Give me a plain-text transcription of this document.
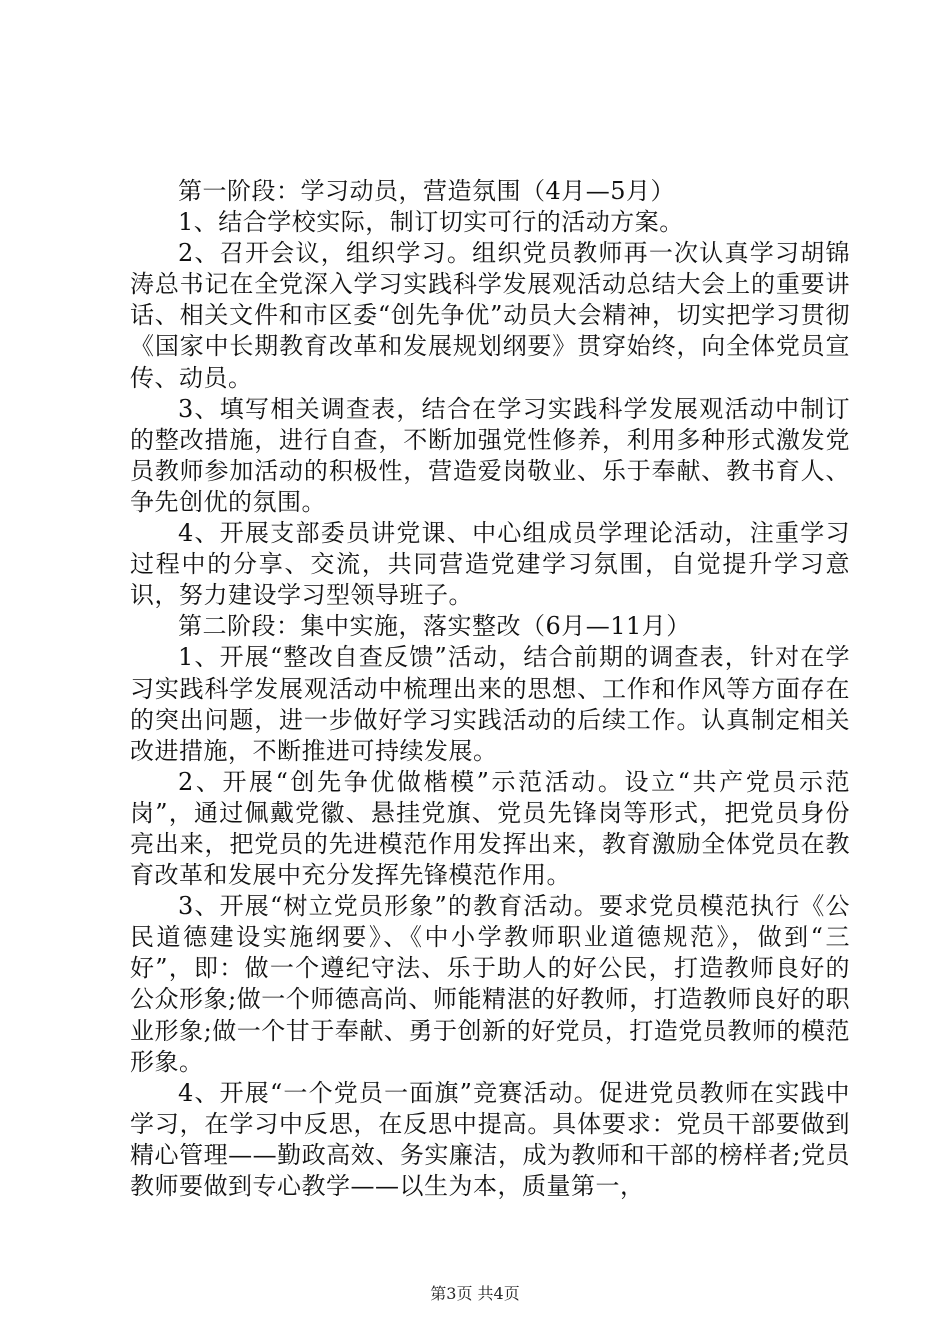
第一阶段：学习动员，营造氛围（4月—5月）

1、结合学校实际，制订切实可行的活动方案。

2、召开会议，组织学习。组织党员教师再一次认真学习胡锦涛总书记在全党深入学习实践科学发展观活动总结大会上的重要讲话、相关文件和市区委“创先争优”动员大会精神，切实把学习贯彻《国家中长期教育改革和发展规划纲要》贯穿始终，向全体党员宣传、动员。

3、填写相关调查表，结合在学习实践科学发展观活动中制订的整改措施，进行自查，不断加强党性修养，利用多种形式激发党员教师参加活动的积极性，营造爱岗敬业、乐于奉献、教书育人、争先创优的氛围。

4、开展支部委员讲党课、中心组成员学理论活动，注重学习过程中的分享、交流，共同营造党建学习氛围，自觉提升学习意识，努力建设学习型领导班子。

第二阶段：集中实施，落实整改（6月—11月）

1、开展“整改自查反馈”活动，结合前期的调查表，针对在学习实践科学发展观活动中梳理出来的思想、工作和作风等方面存在的突出问题，进一步做好学习实践活动的后续工作。认真制定相关改进措施，不断推进可持续发展。

2、开展“创先争优做楷模”示范活动。设立“共产党员示范岗”，通过佩戴党徽、悬挂党旗、党员先锋岗等形式，把党员身份亮出来，把党员的先进模范作用发挥出来，教育激励全体党员在教育改革和发展中充分发挥先锋模范作用。

3、开展“树立党员形象”的教育活动。要求党员模范执行《公民道德建设实施纲要》、《中小学教师职业道德规范》，做到“三好”，即：做一个遵纪守法、乐于助人的好公民，打造教师良好的公众形象;做一个师德高尚、师能精湛的好教师，打造教师良好的职业形象;做一个甘于奉献、勇于创新的好党员，打造党员教师的模范形象。

4、开展“一个党员一面旗”竞赛活动。促进党员教师在实践中学习，在学习中反思，在反思中提高。具体要求：党员干部要做到精心管理——勤政高效、务实廉洁，成为教师和干部的榜样者;党员教师要做到专心教学——以生为本，质量第一，

第3页 共4页
